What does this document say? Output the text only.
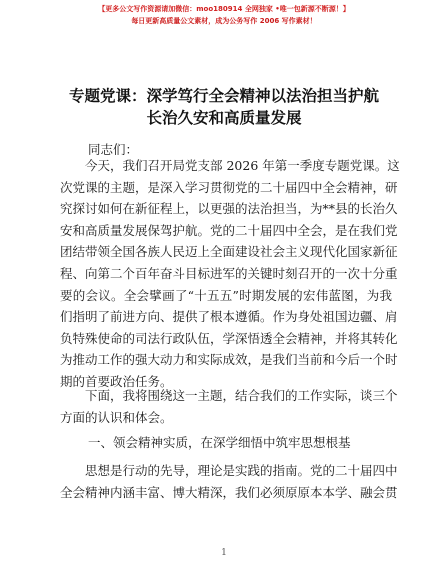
【更多公文写作资源请加微信：moo180914 全网独家 •唯一包新源不断源！】
每日更新高质量公文素材，成为公务写作 2006 写作素材！
专题党课：深学笃行全会精神以法治担当护航
长治久安和高质量发展
同志们：
今天，我们召开局党支部 2026 年第一季度专题党课。这
次党课的主题，是深入学习贯彻党的二十届四中全会精神，研
究探讨如何在新征程上，以更强的法治担当，为**县的长治久
安和高质量发展保驾护航。党的二十届四中全会，是在我们党
团结带领全国各族人民迈上全面建设社会主义现代化国家新征
程、向第二个百年奋斗目标进军的关键时刻召开的一次十分重
要的会议。全会擘画了“十五五”时期发展的宏伟蓝图，为我
们指明了前进方向、提供了根本遵循。作为身处祖国边疆、肩
负特殊使命的司法行政队伍，学深悟透全会精神，并将其转化
为推动工作的强大动力和实际成效，是我们当前和今后一个时
期的首要政治任务。
下面，我将围绕这一主题，结合我们的工作实际，谈三个
方面的认识和体会。
一、领会精神实质，在深学细悟中筑牢思想根基
思想是行动的先导，理论是实践的指南。党的二十届四中
全会精神内涵丰富、博大精深，我们必须原原本本学、融会贯
1
